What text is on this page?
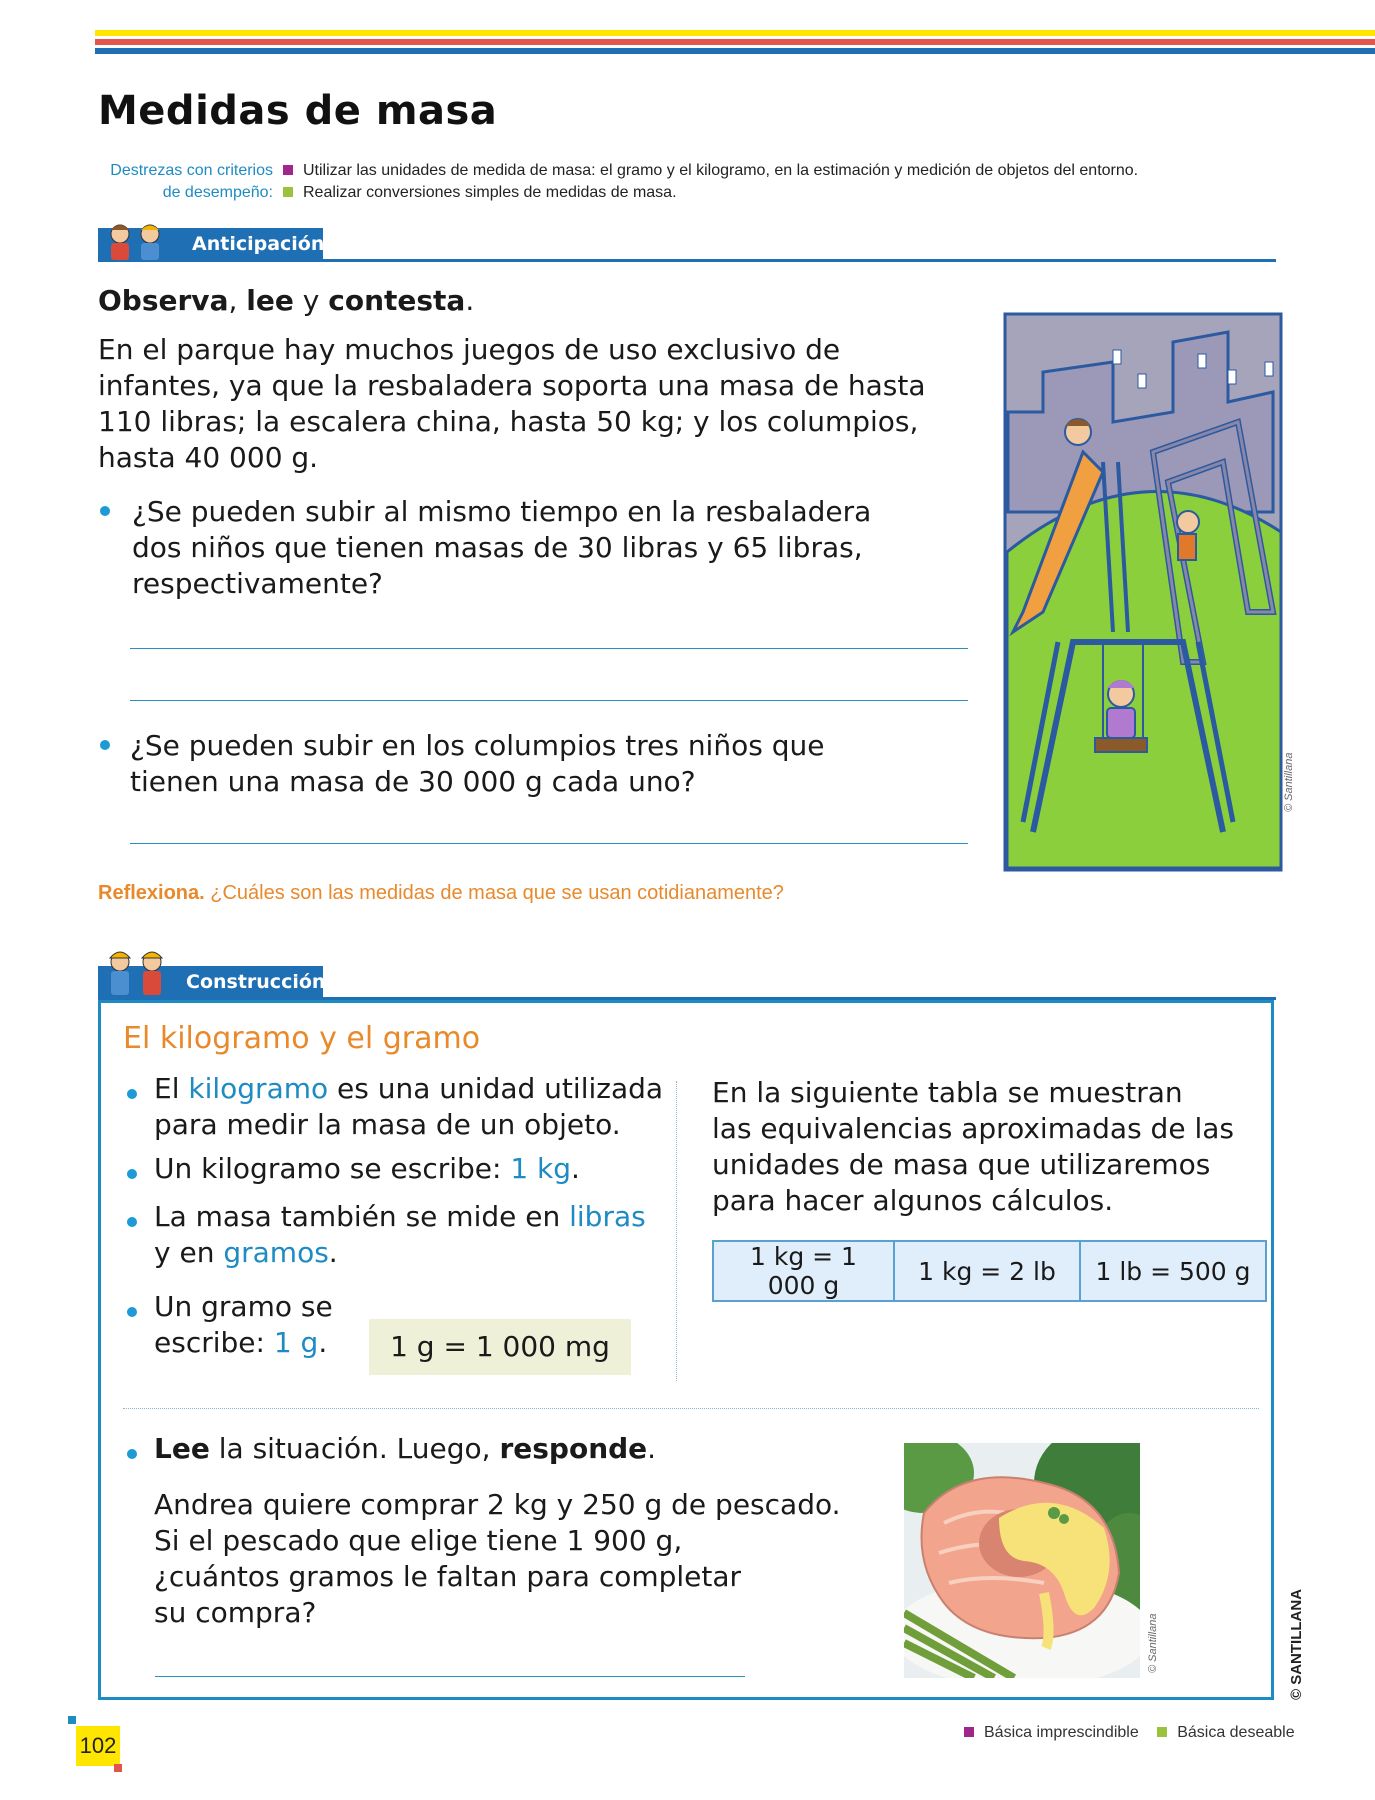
Medidas de masa
Destrezas con criterios
de desempeño:
Utilizar las unidades de medida de masa: el gramo y el kilogramo, en la estimación y medición de objetos del entorno.
Realizar conversiones simples de medidas de masa.
Anticipación
Observa, lee y contesta.
En el parque hay muchos juegos de uso exclusivo de
infantes, ya que la resbaladera soporta una masa de hasta
110 libras; la escalera china, hasta 50 kg; y los columpios,
hasta 40 000 g.
¿Se pueden subir al mismo tiempo en la resbaladera
dos niños que tienen masas de 30 libras y 65 libras,
respectivamente?
¿Se pueden subir en los columpios tres niños que
tienen una masa de 30 000 g cada uno?	© Santillana
Reflexiona. ¿Cuáles son las medidas de masa que se usan cotidianamente?
Construcción
El kilogramo y el gramo
El kilogramo es una unidad utilizada
para medir la masa de un objeto.
Un kilogramo se escribe: 1 kg.
La masa también se mide en libras
y en gramos.
Un gramo se
escribe: 1 g.	1 g = 1 000 mg
En la siguiente tabla se muestran
las equivalencias aproximadas de las
unidades de masa que utilizaremos
para hacer algunos cálculos.
1 kg = 1 000 g	1 kg = 2 lb	1 lb = 500 g
Lee la situación. Luego, responde.
Andrea quiere comprar 2 kg y 250 g de pescado.
Si el pescado que elige tiene 1 900 g,
¿cuántos gramos le faltan para completar
su compra?
© Santillana	© SANTILLANA
102
Básica imprescindible Básica deseable
